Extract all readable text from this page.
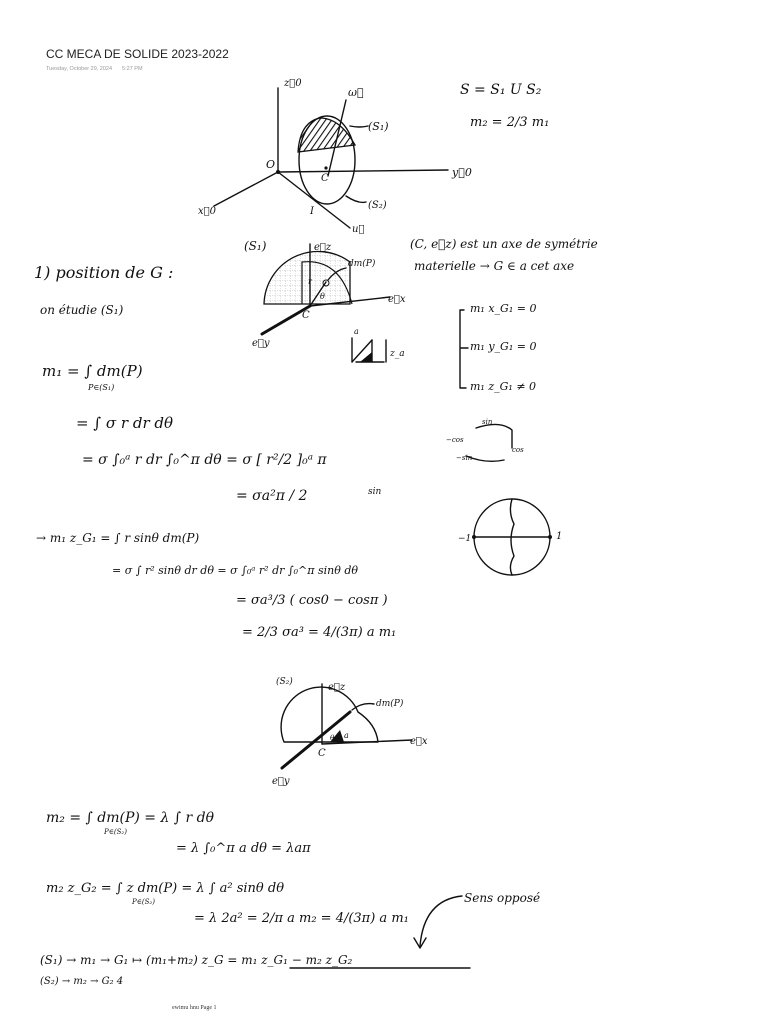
CC MECA DE SOLIDE 2023-2022
Tuesday, October 29, 2024 5:27 PM
z⃗0
ω⃗
(S₁)
(S₂)
O
C
I
x⃗0
y⃗0
u⃗
S = S₁ U S₂
m₂ = 2/3 m₁
1) position de G :
on étudie (S₁)
(S₁)	e⃗z
e⃗x
e⃗y
dm(P)
C
r
θ
(C, e⃗z) est un axe de symétrie
materielle → G ∈ a cet axe
m₁ x_G₁ = 0
m₁ y_G₁ = 0
m₁ z_G₁ ≠ 0
a
z_a
sin
−cos
−sin
cos
−1	1
m₁ = ∫ dm(P)
P∈(S₁)
= ∫ σ r dr dθ
= σ ∫₀ᵃ r dr ∫₀^π dθ = σ [ r²/2 ]₀ᵃ π
= σa²π / 2	sin
→ m₁ z_G₁ = ∫ r sinθ dm(P)
= σ ∫ r² sinθ dr dθ = σ ∫₀ᵃ r² dr ∫₀^π sinθ dθ
= σa³/3 ( cos0 − cosπ )
= 2/3 σa³ = 4/(3π) a m₁
(S₂)	e⃗z
e⃗x
e⃗y
dm(P)
C
a
θ
m₂ = ∫ dm(P) = λ ∫ r dθ
P∈(S₂)
= λ ∫₀^π a dθ = λaπ
m₂ z_G₂ = ∫ z dm(P) = λ ∫ a² sinθ dθ
P∈(S₂)
= λ 2a² = 2/π a m₂ = 4/(3π) a m₁
Sens opposé
(S₁) → m₁ → G₁ ↦ (m₁+m₂) z_G = m₁ z_G₁ − m₂ z_G₂
(S₂) → m₂ → G₂ 4
ewimu hnu Page 1
